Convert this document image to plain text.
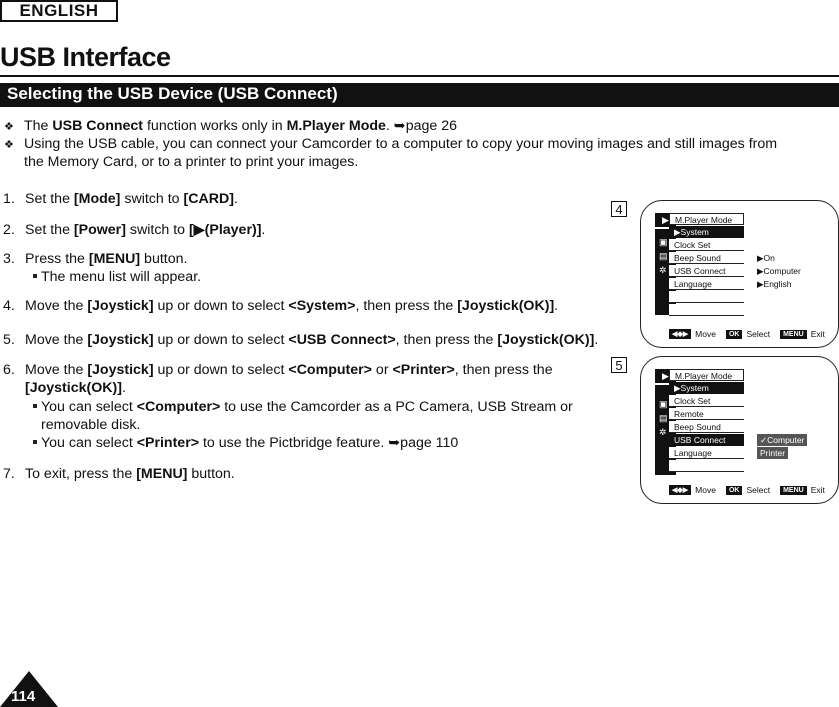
ENGLISH
USB Interface
Selecting the USB Device (USB Connect)
❖ The USB Connect function works only in M.Player Mode. ➥page 26
❖ Using the USB cable, you can connect your Camcorder to a computer to copy your moving images and still images from
the Memory Card, or to a printer to print your images.
1. Set the [Mode] switch to [CARD].
2. Set the [Power] switch to [▶(Player)].
3. Press the [MENU] button.
4. Move the [Joystick] up or down to select <System>, then press the [Joystick(OK)].
5. Move the [Joystick] up or down to select <USB Connect>, then press the [Joystick(OK)].
6. Move the [Joystick] up or down to select <Computer> or <Printer>, then press the
[Joystick(OK)].
7. To exit, press the [MENU] button.
The menu list will appear.
You can select <Computer> to use the Camcorder as a PC Camera, USB Stream or
removable disk.
You can select <Printer> to use the Pictbridge feature. ➥page 110
4
▶
▣
▤
✲
M.Player Mode
▶System
Clock Set
Beep Sound
USB Connect
Language
▶On
▶Computer
▶English
◀◆▶ Move	OK Select	MENU Exit
5
▶
▣
▤
✲
M.Player Mode
▶System
Clock Set
Remote
Beep Sound
USB Connect
Language
✓Computer
Printer
◀◆▶ Move	OK Select	MENU Exit
114
